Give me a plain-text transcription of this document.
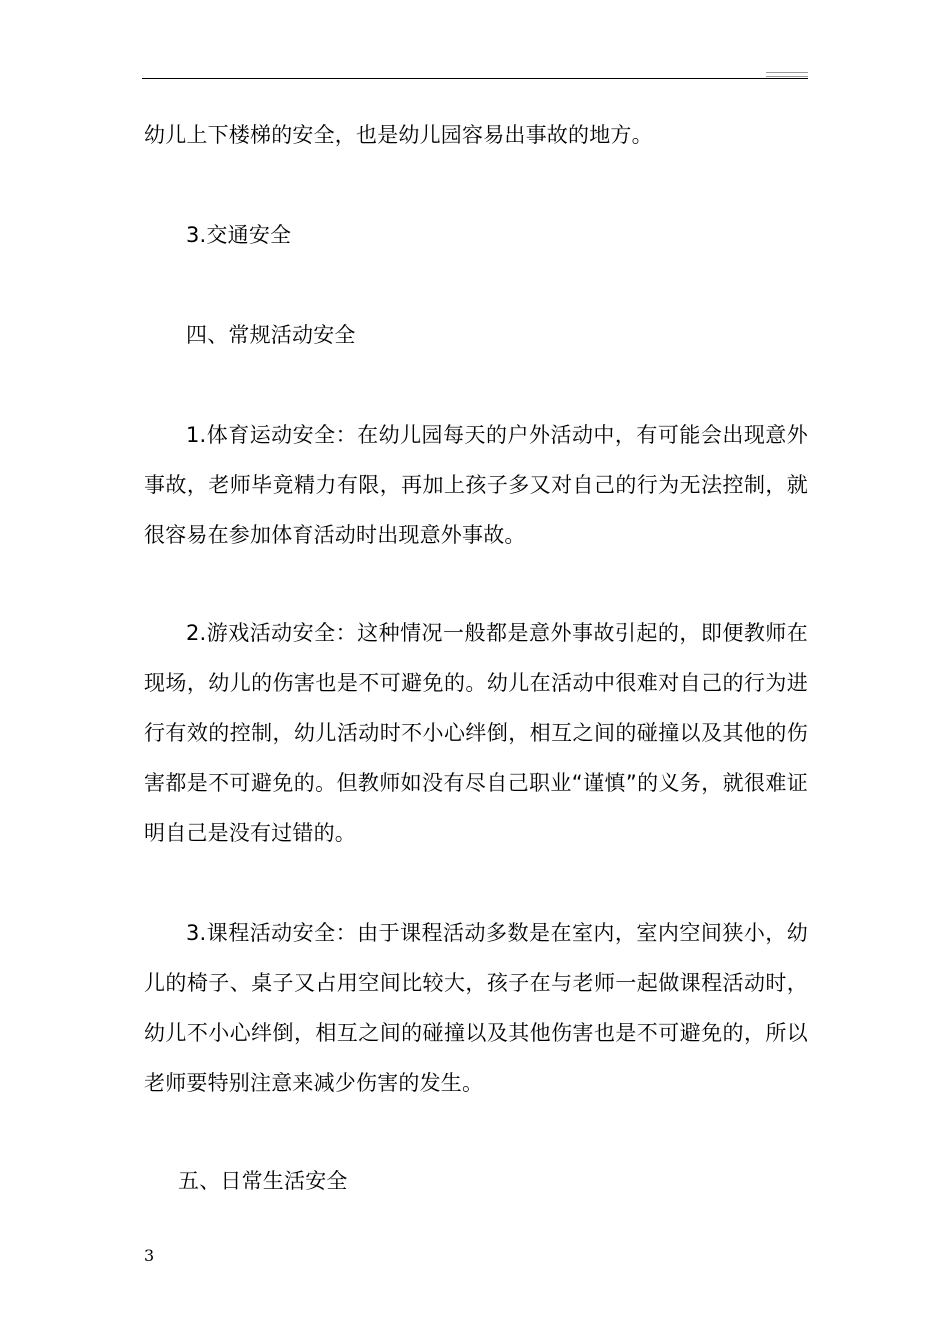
幼儿上下楼梯的安全，也是幼儿园容易出事故的地方。

3.交通安全

四、常规活动安全

1.体育运动安全：在幼儿园每天的户外活动中，有可能会出现意外事故，老师毕竟精力有限，再加上孩子多又对自己的行为无法控制，就很容易在参加体育活动时出现意外事故。

2.游戏活动安全：这种情况一般都是意外事故引起的，即便教师在现场，幼儿的伤害也是不可避免的。幼儿在活动中很难对自己的行为进行有效的控制，幼儿活动时不小心绊倒，相互之间的碰撞以及其他的伤害都是不可避免的。但教师如没有尽自己职业“谨慎”的义务，就很难证明自己是没有过错的。

3.课程活动安全：由于课程活动多数是在室内，室内空间狭小，幼儿的椅子、桌子又占用空间比较大，孩子在与老师一起做课程活动时，幼儿不小心绊倒，相互之间的碰撞以及其他伤害也是不可避免的，所以老师要特别注意来减少伤害的发生。

五、日常生活安全

3
